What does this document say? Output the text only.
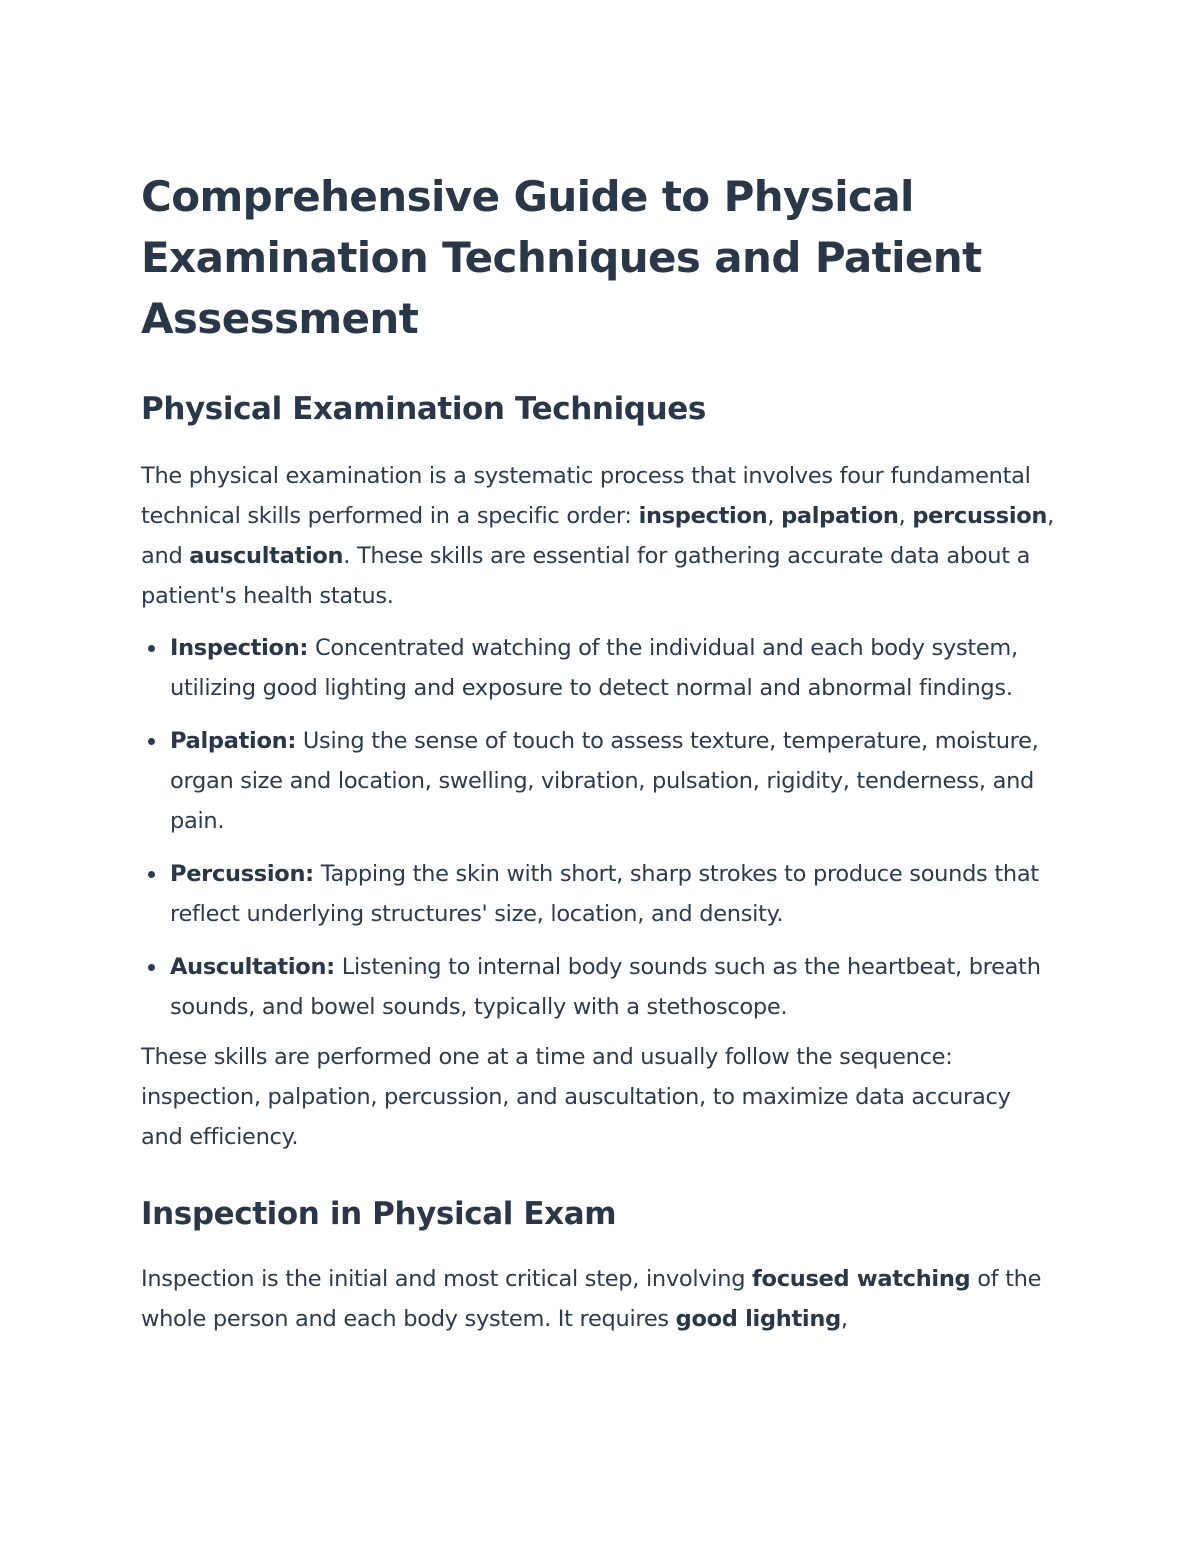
Comprehensive Guide to Physical Examination Techniques and Patient Assessment
Physical Examination Techniques

The physical examination is a systematic process that involves four fundamental technical skills performed in a specific order: inspection, palpation, percussion, and auscultation. These skills are essential for gathering accurate data about a patient's health status.

Inspection: Concentrated watching of the individual and each body system, utilizing good lighting and exposure to detect normal and abnormal findings.
Palpation: Using the sense of touch to assess texture, temperature, moisture, organ size and location, swelling, vibration, pulsation, rigidity, tenderness, and pain.
Percussion: Tapping the skin with short, sharp strokes to produce sounds that reflect underlying structures' size, location, and density.
Auscultation: Listening to internal body sounds such as the heartbeat, breath sounds, and bowel sounds, typically with a stethoscope.

These skills are performed one at a time and usually follow the sequence: inspection, palpation, percussion, and auscultation, to maximize data accuracy and efficiency.

Inspection in Physical Exam

Inspection is the initial and most critical step, involving focused watching of the whole person and each body system. It requires good lighting,
